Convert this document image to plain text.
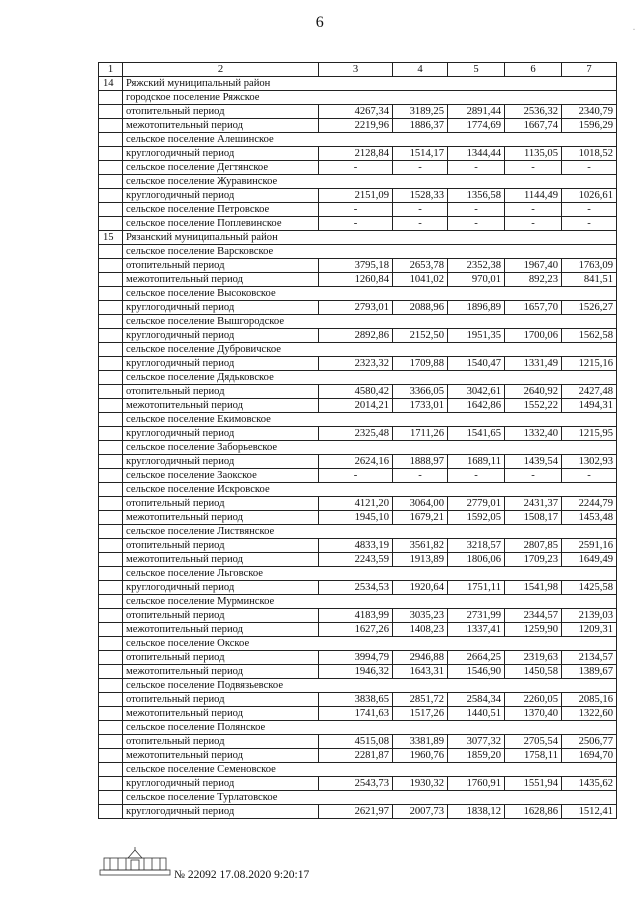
6	·
1	2	3	4	5	6	7
14	Ряжский муниципальный район					
	городское поселение Ряжское					
	отопительный период	4267,34	3189,25	2891,44	2536,32	2340,79
	межотопительный период	2219,96	1886,37	1774,69	1667,74	1596,29
	сельское поселение Алешинское					
	круглогодичный период	2128,84	1514,17	1344,44	1135,05	1018,52
	сельское поселение Дегтянское	-	-	-	-	-
	сельское поселение Журавинское					
	круглогодичный период	2151,09	1528,33	1356,58	1144,49	1026,61
	сельское поселение Петровское	-	-	-	-	-
	сельское поселение Поплевинское	-	-	-	-	-
15	Рязанский муниципальный район					
	сельское поселение Варсковское					
	отопительный период	3795,18	2653,78	2352,38	1967,40	1763,09
	межотопительный период	1260,84	1041,02	970,01	892,23	841,51
	сельское поселение Высоковское					
	круглогодичный период	2793,01	2088,96	1896,89	1657,70	1526,27
	сельское поселение Вышгородское					
	круглогодичный период	2892,86	2152,50	1951,35	1700,06	1562,58
	сельское поселение Дубровичское					
	круглогодичный период	2323,32	1709,88	1540,47	1331,49	1215,16
	сельское поселение Дядьковское					
	отопительный период	4580,42	3366,05	3042,61	2640,92	2427,48
	межотопительный период	2014,21	1733,01	1642,86	1552,22	1494,31
	сельское поселение Екимовское					
	круглогодичный период	2325,48	1711,26	1541,65	1332,40	1215,95
	сельское поселение Заборьевское					
	круглогодичный период	2624,16	1888,97	1689,11	1439,54	1302,93
	сельское поселение Заокское	-	-	-	-	-
	сельское поселение Искровское					
	отопительный период	4121,20	3064,00	2779,01	2431,37	2244,79
	межотопительный период	1945,10	1679,21	1592,05	1508,17	1453,48
	сельское поселение Листвянское					
	отопительный период	4833,19	3561,82	3218,57	2807,85	2591,16
	межотопительный период	2243,59	1913,89	1806,06	1709,23	1649,49
	сельское поселение Льговское					
	круглогодичный период	2534,53	1920,64	1751,11	1541,98	1425,58
	сельское поселение Мурминское					
	отопительный период	4183,99	3035,23	2731,99	2344,57	2139,03
	межотопительный период	1627,26	1408,23	1337,41	1259,90	1209,31
	сельское поселение Окское					
	отопительный период	3994,79	2946,88	2664,25	2319,63	2134,57
	межотопительный период	1946,32	1643,31	1546,90	1450,58	1389,67
	сельское поселение Подвязьевское					
	отопительный период	3838,65	2851,72	2584,34	2260,05	2085,16
	межотопительный период	1741,63	1517,26	1440,51	1370,40	1322,60
	сельское поселение Полянское					
	отопительный период	4515,08	3381,89	3077,32	2705,54	2506,77
	межотопительный период	2281,87	1960,76	1859,20	1758,11	1694,70
	сельское поселение Семеновское					
	круглогодичный период	2543,73	1930,32	1760,91	1551,94	1435,62
	сельское поселение Турлатовское					
	круглогодичный период	2621,97	2007,73	1838,12	1628,86	1512,41
№ 22092 17.08.2020 9:20:17
